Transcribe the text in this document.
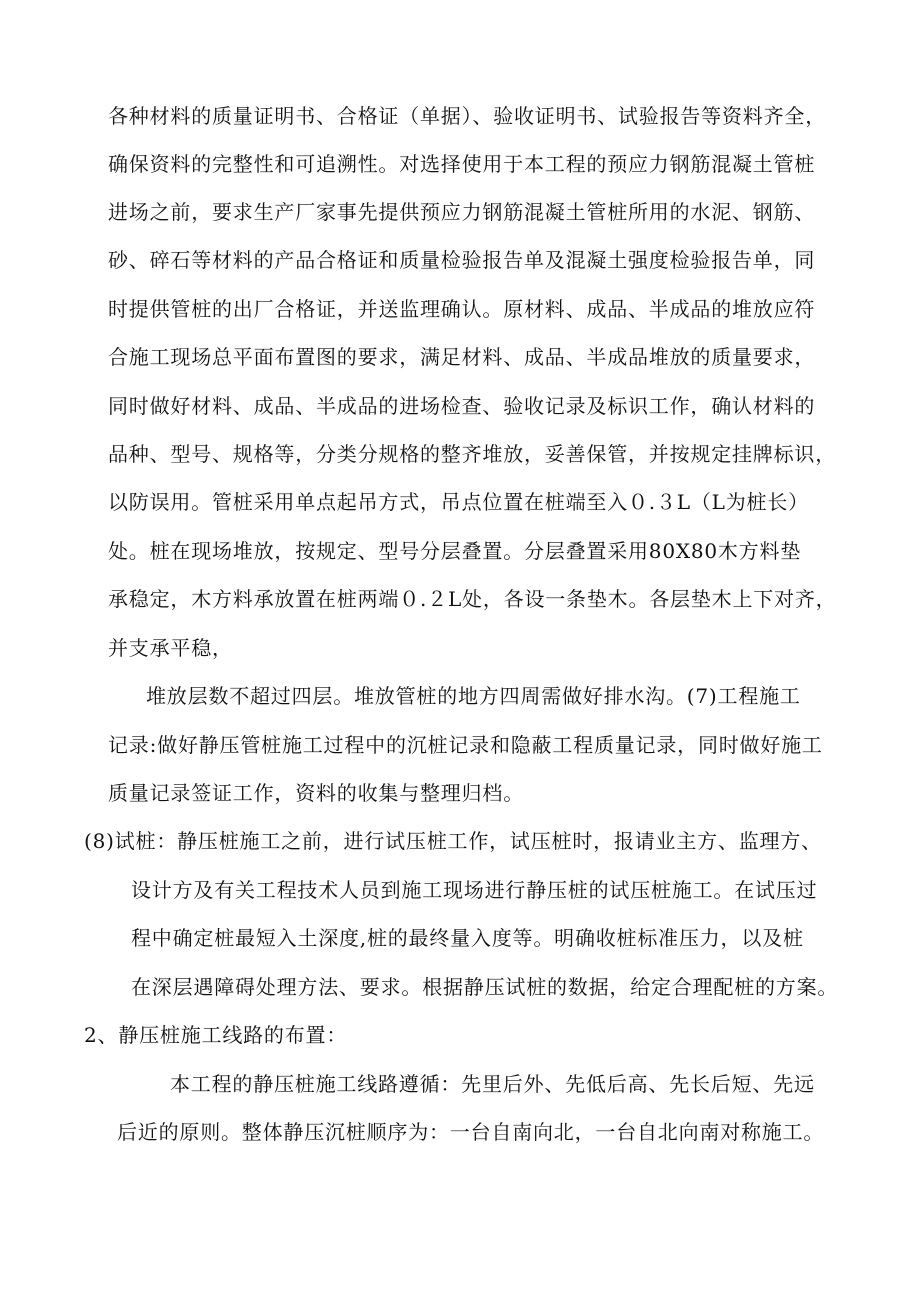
各种材料的质量证明书、合格证（单据）、验收证明书、试验报告等资料齐全，
确保资料的完整性和可追溯性。对选择使用于本工程的预应力钢筋混凝土管桩
进场之前，要求生产厂家事先提供预应力钢筋混凝土管桩所用的水泥、钢筋、
砂、碎石等材料的产品合格证和质量检验报告单及混凝土强度检验报告单，同
时提供管桩的出厂合格证，并送监理确认。原材料、成品、半成品的堆放应符
合施工现场总平面布置图的要求，满足材料、成品、半成品堆放的质量要求，
同时做好材料、成品、半成品的进场检查、验收记录及标识工作，确认材料的
品种、型号、规格等，分类分规格的整齐堆放，妥善保管，并按规定挂牌标识，
以防误用。管桩采用单点起吊方式，吊点位置在桩端至入０.３L（L为桩长）
处。桩在现场堆放，按规定、型号分层叠置。分层叠置采用80X80木方料垫
承稳定，木方料承放置在桩两端０.２L处，各设一条垫木。各层垫木上下对齐，
并支承平稳，
堆放层数不超过四层。堆放管桩的地方四周需做好排水沟。(7)工程施工
记录:做好静压管桩施工过程中的沉桩记录和隐蔽工程质量记录，同时做好施工
质量记录签证工作，资料的收集与整理归档。
(8)试桩：静压桩施工之前，进行试压桩工作，试压桩时，报请业主方、监理方、
设计方及有关工程技术人员到施工现场进行静压桩的试压桩施工。在试压过
程中确定桩最短入土深度,桩的最终量入度等。明确收桩标准压力，以及桩
在深层遇障碍处理方法、要求。根据静压试桩的数据，给定合理配桩的方案。
2、静压桩施工线路的布置：
本工程的静压桩施工线路遵循：先里后外、先低后高、先长后短、先远
后近的原则。整体静压沉桩顺序为：一台自南向北，一台自北向南对称施工。
